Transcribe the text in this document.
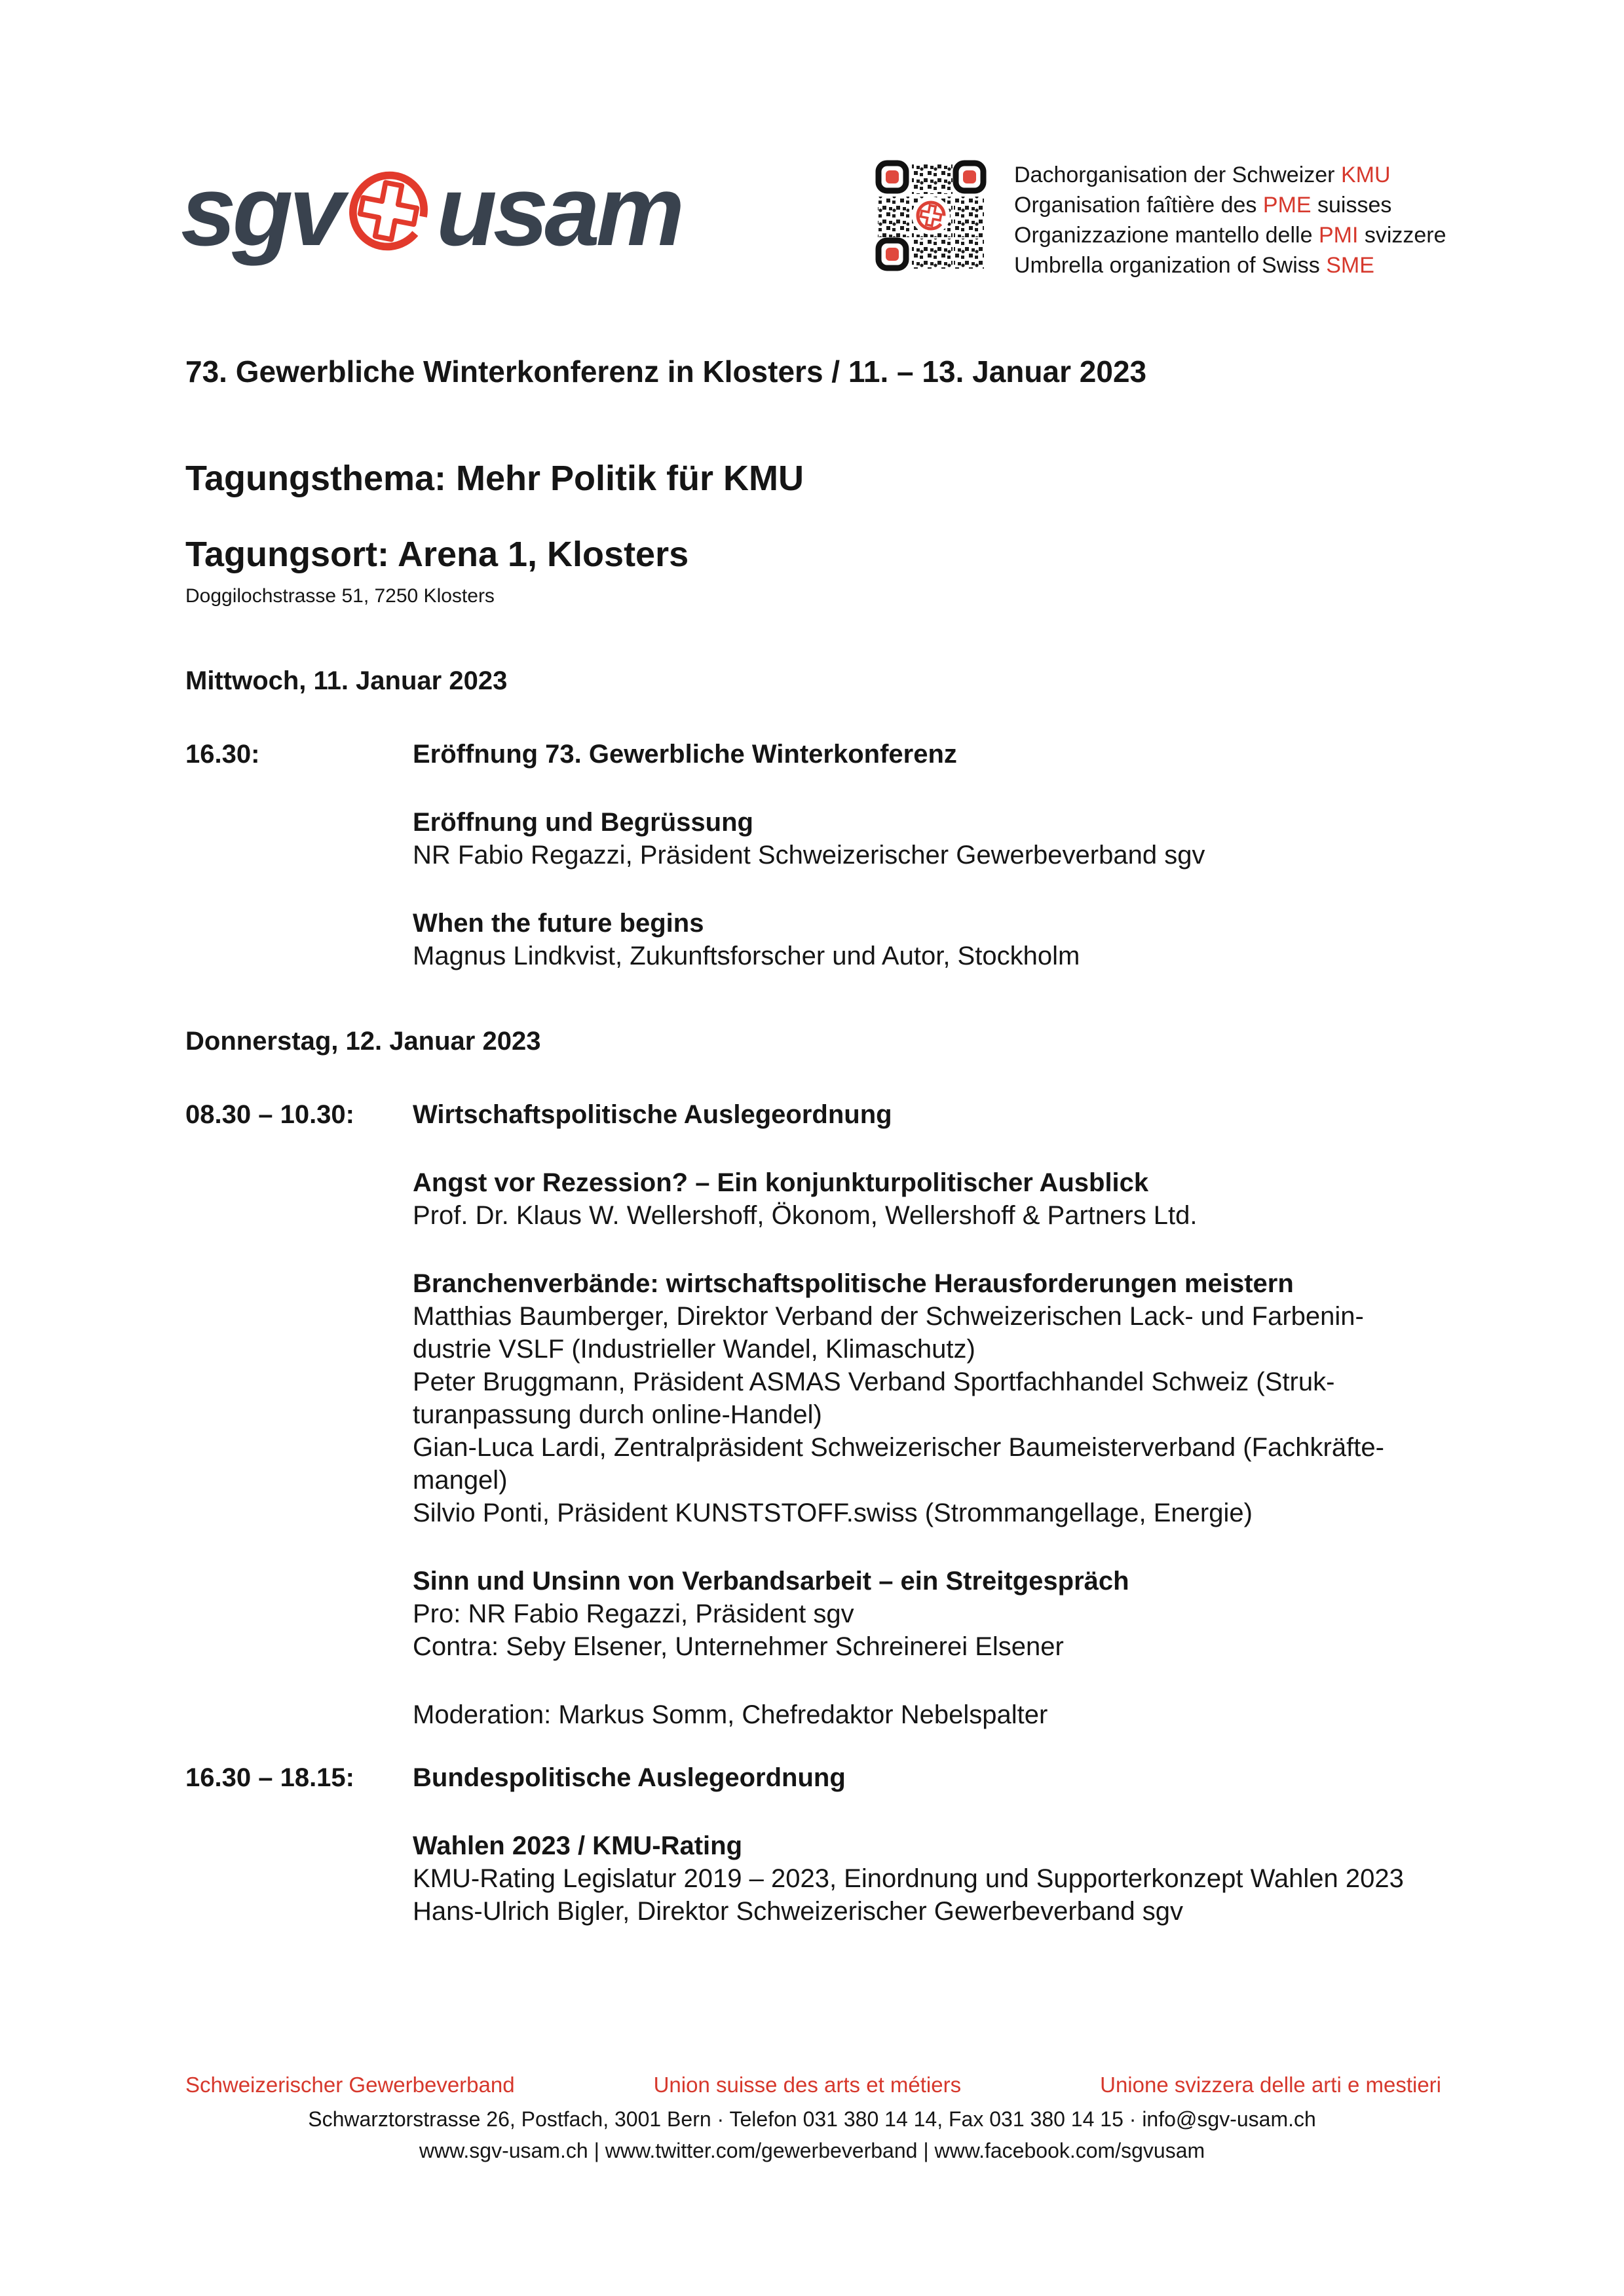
sgv usam	Dachorganisation der Schweizer KMU
Organisation faîtière des PME suisses
Organizzazione mantello delle PMI svizzere
Umbrella organization of Swiss SME
73. Gewerbliche Winterkonferenz in Klosters / 11. – 13. Januar 2023
Tagungsthema: Mehr Politik für KMU
Tagungsort: Arena 1, Klosters

Doggilochstrasse 51, 7250 Klosters

Mittwoch, 11. Januar 2023
16.30:	Eröffnung 73. Gewerbliche Winterkonferenz
Eröffnung und Begrüssung
NR Fabio Regazzi, Präsident Schweizerischer Gewerbeverband sgv
When the future begins
Magnus Lindkvist, Zukunftsforscher und Autor, Stockholm
Donnerstag, 12. Januar 2023
08.30 – 10.30:	Wirtschaftspolitische Auslegeordnung
Angst vor Rezession? – Ein konjunkturpolitischer Ausblick
Prof. Dr. Klaus W. Wellershoff, Ökonom, Wellershoff & Partners Ltd.
Branchenverbände: wirtschaftspolitische Herausforderungen meistern
Matthias Baumberger, Direktor Verband der Schweizerischen Lack- und Farbenin-
dustrie VSLF (Industrieller Wandel, Klimaschutz)
Peter Bruggmann, Präsident ASMAS Verband Sportfachhandel Schweiz (Struk-
turanpassung durch online-Handel)
Gian-Luca Lardi, Zentralpräsident Schweizerischer Baumeisterverband (Fachkräfte-
mangel)
Silvio Ponti, Präsident KUNSTSTOFF.swiss (Strommangellage, Energie)
Sinn und Unsinn von Verbandsarbeit – ein Streitgespräch
Pro: NR Fabio Regazzi, Präsident sgv
Contra: Seby Elsener, Unternehmer Schreinerei Elsener
Moderation: Markus Somm, Chefredaktor Nebelspalter
16.30 – 18.15:	Bundespolitische Auslegeordnung
Wahlen 2023 / KMU-Rating
KMU-Rating Legislatur 2019 – 2023, Einordnung und Supporterkonzept Wahlen 2023
Hans-Ulrich Bigler, Direktor Schweizerischer Gewerbeverband sgv
Schweizerischer Gewerbeverband	Union suisse des arts et métiers	Unione svizzera delle arti e mestieri
Schwarztorstrasse 26, Postfach, 3001 Bern · Telefon 031 380 14 14, Fax 031 380 14 15 · info@sgv-usam.ch
www.sgv-usam.ch | www.twitter.com/gewerbeverband | www.facebook.com/sgvusam
